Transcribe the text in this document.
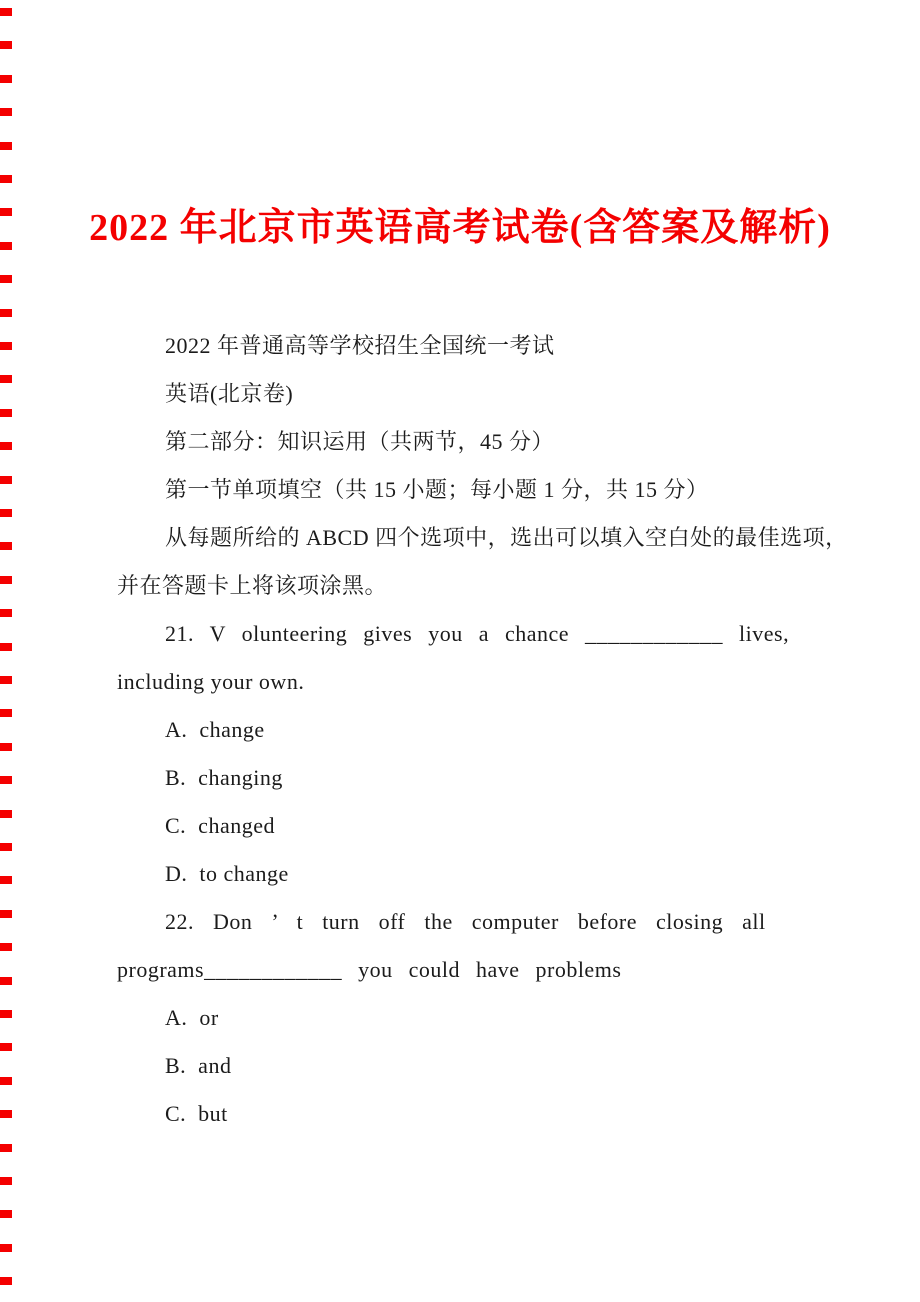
2022 年北京市英语高考试卷(含答案及解析)
2022 年普通高等学校招生全国统一考试
英语(北京卷)
第二部分：知识运用（共两节，45 分）
第一节单项填空（共 15 小题；每小题 1 分，共 15 分）
从每题所给的 ABCD 四个选项中，选出可以填入空白处的最佳选项，
并在答题卡上将该项涂黑。
21. V olunteering gives you a chance ____________ lives,
including your own.
A.  change
B.  changing
C.  changed
D.  to change
22. Don ’ t turn off the computer before closing all
programs____________ you could have problems
A.  or
B.  and
C.  but
